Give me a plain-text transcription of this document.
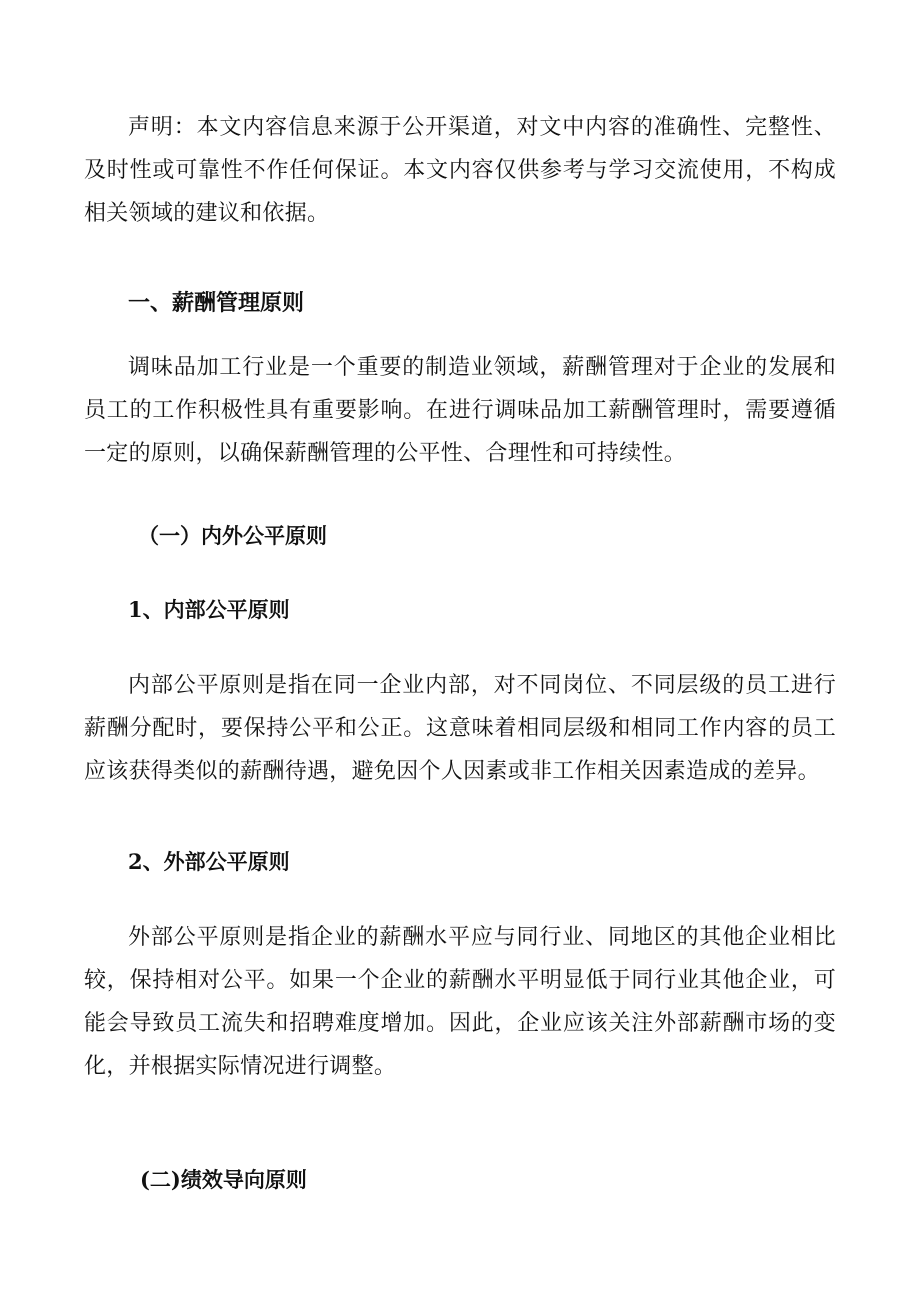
声明：本文内容信息来源于公开渠道，对文中内容的准确性、完整性、及时性或可靠性不作任何保证。本文内容仅供参考与学习交流使用，不构成相关领域的建议和依据。

一、薪酬管理原则

调味品加工行业是一个重要的制造业领域，薪酬管理对于企业的发展和员工的工作积极性具有重要影响。在进行调味品加工薪酬管理时，需要遵循一定的原则，以确保薪酬管理的公平性、合理性和可持续性。

（一）内外公平原则
1、内部公平原则

内部公平原则是指在同一企业内部，对不同岗位、不同层级的员工进行薪酬分配时，要保持公平和公正。这意味着相同层级和相同工作内容的员工应该获得类似的薪酬待遇，避免因个人因素或非工作相关因素造成的差异。

2、外部公平原则

外部公平原则是指企业的薪酬水平应与同行业、同地区的其他企业相比较，保持相对公平。如果一个企业的薪酬水平明显低于同行业其他企业，可能会导致员工流失和招聘难度增加。因此，企业应该关注外部薪酬市场的变化，并根据实际情况进行调整。

(二)绩效导向原则
